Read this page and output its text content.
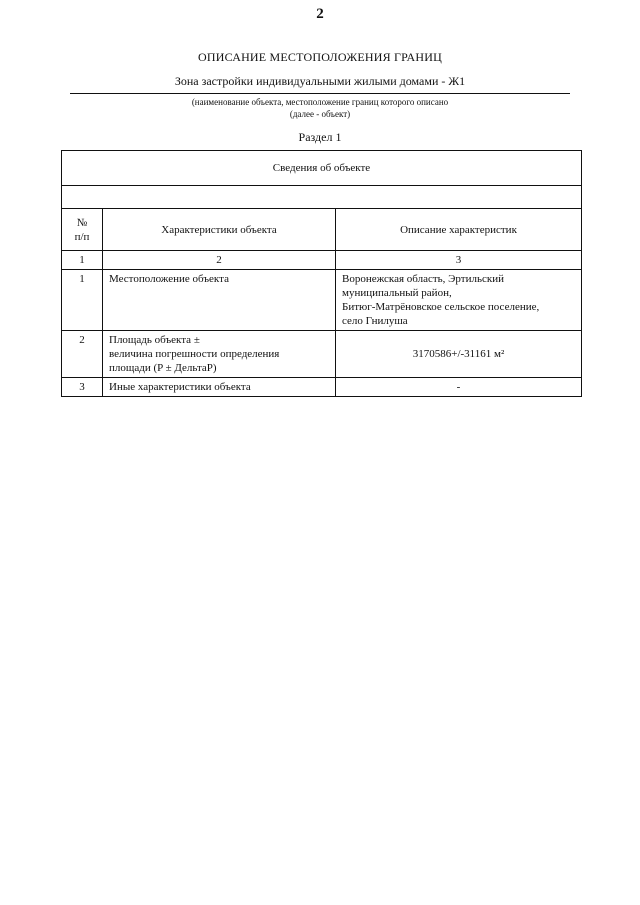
2
ОПИСАНИЕ МЕСТОПОЛОЖЕНИЯ ГРАНИЦ
Зона застройки индивидуальными жилыми домами - Ж1
(наименование объекта, местоположение границ которого описано
(далее - объект)
Раздел 1
Сведения об объекте		

№
п/п	Характеристики объекта	Описание характеристик
1	2	3
1	Местоположение объекта	Воронежская область, Эртильский
муниципальный район,
Битюг-Матрёновское сельское поселение,
село Гнилуша

2	Площадь объекта ±
величина погрешности определения
площади (P ± ДельтаP)	3170586+/-31161 м²

3	Иные характеристики объекта	-
